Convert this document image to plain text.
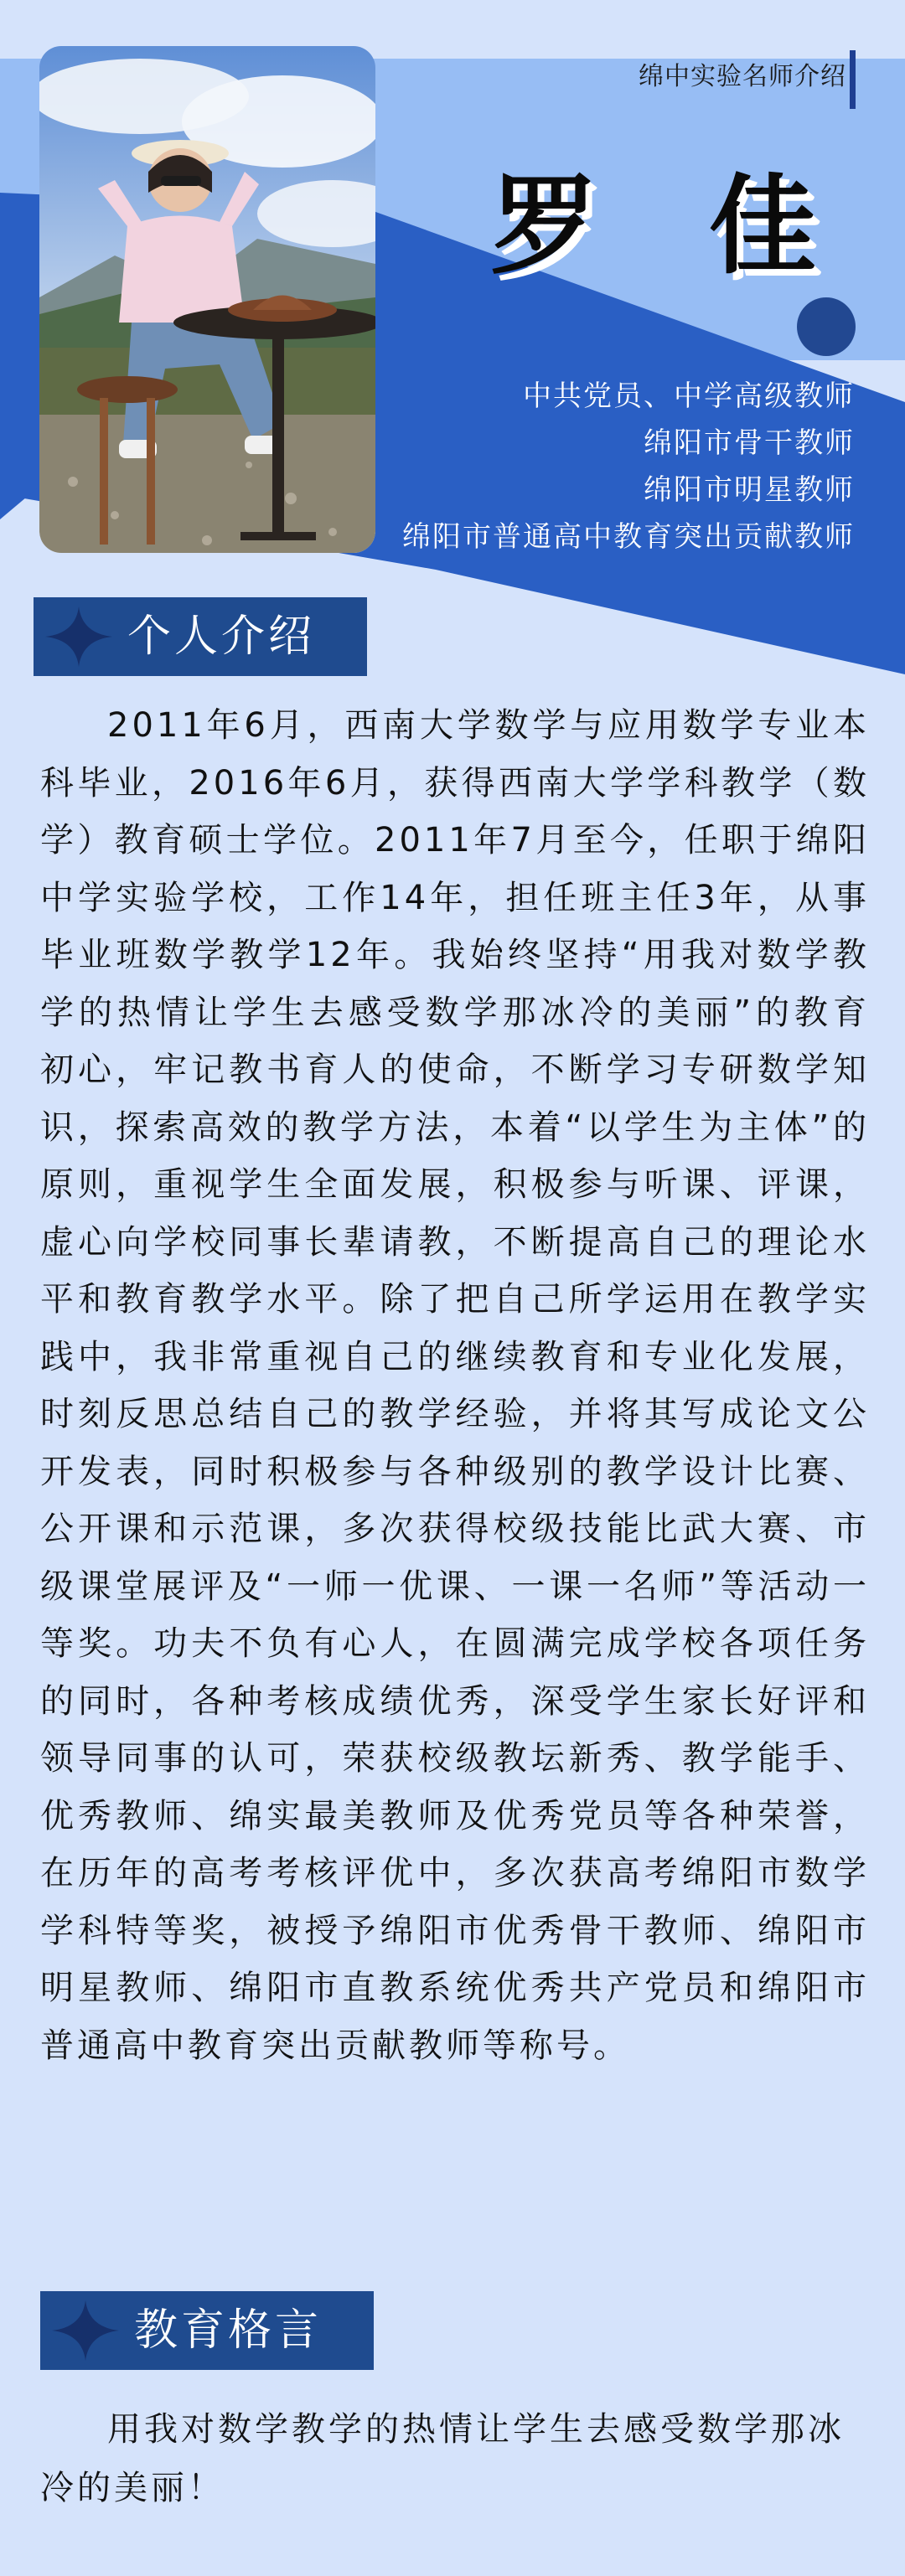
绵中实验名师介绍
罗 佳
中共党员、中学高级教师
绵阳市骨干教师
绵阳市明星教师
绵阳市普通高中教育突出贡献教师
个人介绍
2011年6月，西南大学数学与应用数学专业本科毕业，2016年6月，获得西南大学学科教学（数学）教育硕士学位。2011年7月至今，任职于绵阳中学实验学校，工作14年，担任班主任3年，从事毕业班数学教学12年。我始终坚持“用我对数学教学的热情让学生去感受数学那冰冷的美丽”的教育初心，牢记教书育人的使命，不断学习专研数学知识，探索高效的教学方法，本着“以学生为主体”的原则，重视学生全面发展，积极参与听课、评课，虚心向学校同事长辈请教，不断提高自己的理论水平和教育教学水平。除了把自己所学运用在教学实践中，我非常重视自己的继续教育和专业化发展，时刻反思总结自己的教学经验，并将其写成论文公开发表，同时积极参与各种级别的教学设计比赛、公开课和示范课，多次获得校级技能比武大赛、市级课堂展评及“一师一优课、一课一名师”等活动一等奖。功夫不负有心人，在圆满完成学校各项任务的同时，各种考核成绩优秀，深受学生家长好评和领导同事的认可，荣获校级教坛新秀、教学能手、优秀教师、绵实最美教师及优秀党员等各种荣誉，在历年的高考考核评优中，多次获高考绵阳市数学学科特等奖，被授予绵阳市优秀骨干教师、绵阳市明星教师、绵阳市直教系统优秀共产党员和绵阳市普通高中教育突出贡献教师等称号。
教育格言
用我对数学教学的热情让学生去感受数学那冰冷的美丽！
